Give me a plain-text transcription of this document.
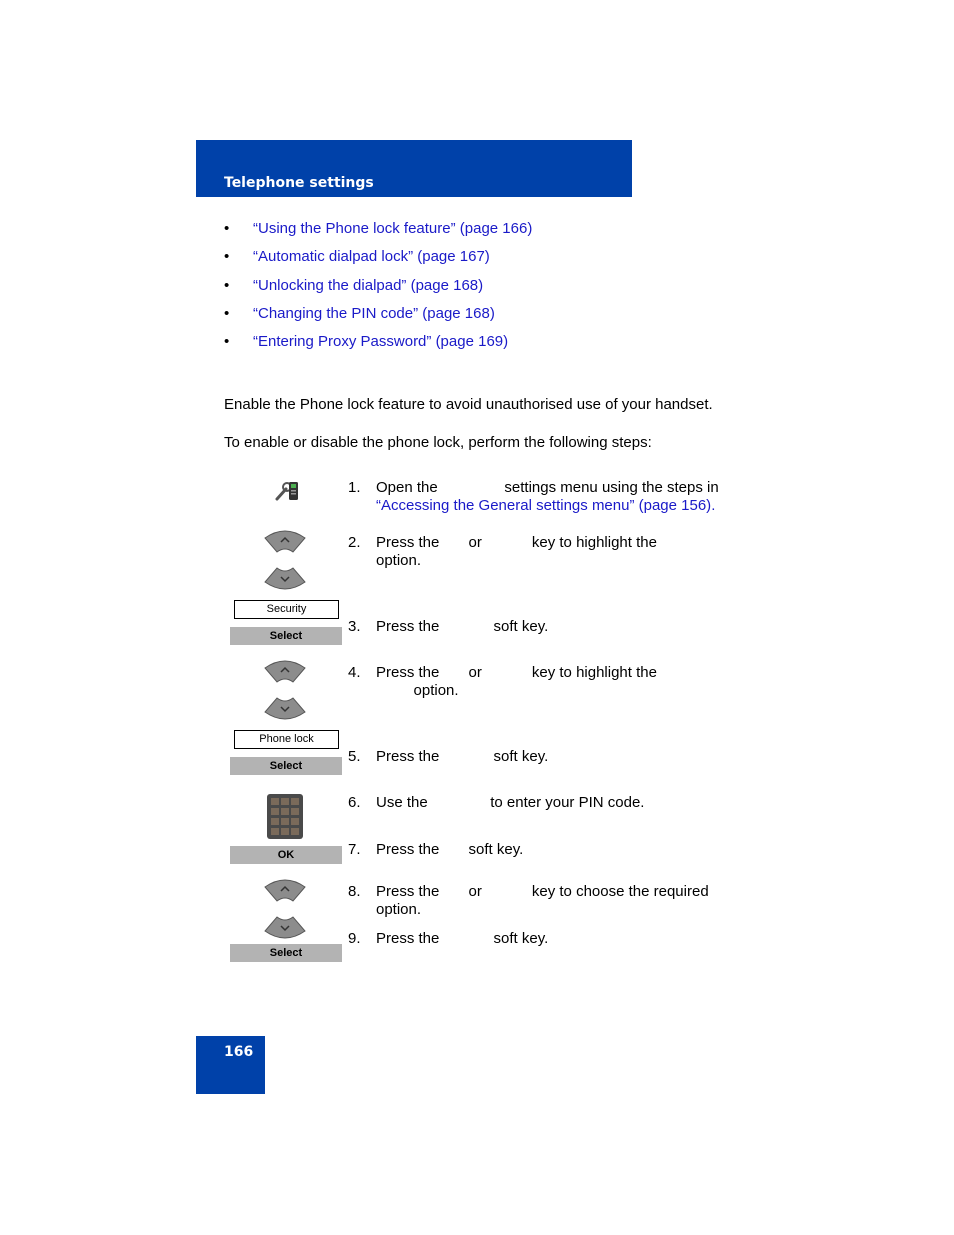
Telephone settings
• “Using the Phone lock feature” (page 166)
• “Automatic dialpad lock” (page 167)
• “Unlocking the dialpad” (page 168)
• “Changing the PIN code” (page 168)
• “Entering Proxy Password” (page 169)
Enable the Phone lock feature to avoid unauthorised use of your handset.
To enable or disable the phone lock, perform the following steps:
1. Open the                settings menu using the steps in
“Accessing the General settings menu” (page 156).
2. Press the       or            key to highlight the
option.
Security
Select
3. Press the             soft key.
4. Press the       or            key to highlight the
option.
Phone lock
Select
5. Press the             soft key.
6. Use the               to enter your PIN code.
OK	7. Press the       soft key.
8. Press the       or            key to choose the required
option.
Select
9. Press the             soft key.
166
